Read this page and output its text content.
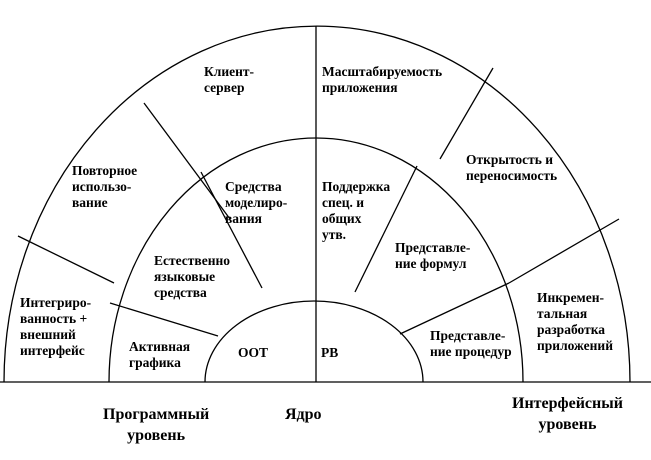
Клиент-
сервер
Масштабируемость
приложения
Повторное
использо-
вание
Открытость и
переносимость
Интегриро-
ванность +
внешний
интерфейс
Инкремен-
тальная
разработка
приложений
Средства
моделиро-
вания
Поддержка
спец. и
общих
утв.
Естественно
языковые
средства
Представле-
ние формул
Активная
графика
Представле-
ние процедур
ООТ	РВ
Программный
уровень
Ядро
Интерфейсный
уровень
